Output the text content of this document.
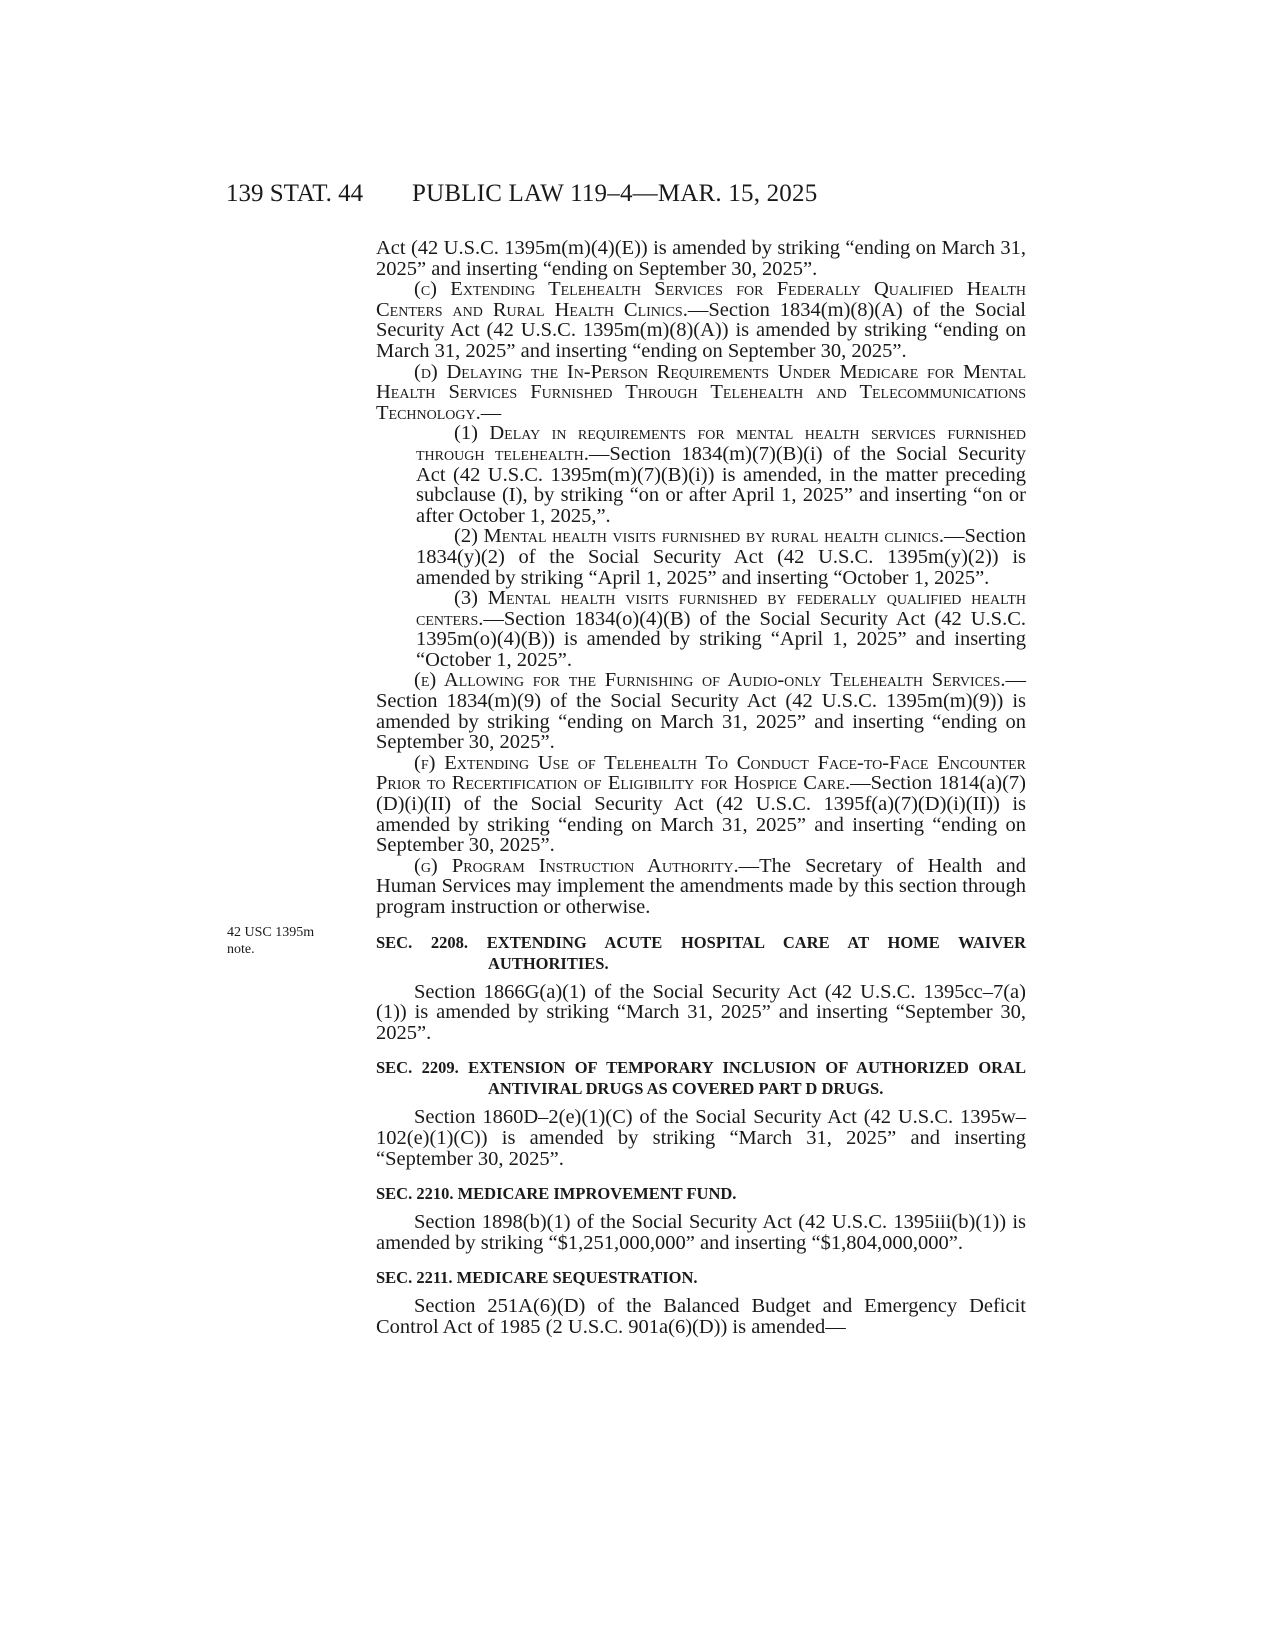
139 STAT. 44 PUBLIC LAW 119–4—MAR. 15, 2025
42 USC 1395m
note.

Act (42 U.S.C. 1395m(m)(4)(E)) is amended by striking “ending on March 31, 2025” and inserting “ending on September 30, 2025”.

(c) Extending Telehealth Services for Federally Qualified Health Centers and Rural Health Clinics.—Section 1834(m)(8)(A) of the Social Security Act (42 U.S.C. 1395m(m)(8)(A)) is amended by striking “ending on March 31, 2025” and inserting “ending on September 30, 2025”.

(d) Delaying the In-Person Requirements Under Medicare for Mental Health Services Furnished Through Telehealth and Telecommunications Technology.—

(1) Delay in requirements for mental health services furnished through telehealth.—Section 1834(m)(7)(B)(i) of the Social Security Act (42 U.S.C. 1395m(m)(7)(B)(i)) is amended, in the matter preceding subclause (I), by striking “on or after April 1, 2025” and inserting “on or after October 1, 2025,”.

(2) Mental health visits furnished by rural health clinics.—Section 1834(y)(2) of the Social Security Act (42 U.S.C. 1395m(y)(2)) is amended by striking “April 1, 2025” and inserting “October 1, 2025”.

(3) Mental health visits furnished by federally qualified health centers.—Section 1834(o)(4)(B) of the Social Security Act (42 U.S.C. 1395m(o)(4)(B)) is amended by striking “April 1, 2025” and inserting “October 1, 2025”.

(e) Allowing for the Furnishing of Audio-only Telehealth Services.—Section 1834(m)(9) of the Social Security Act (42 U.S.C. 1395m(m)(9)) is amended by striking “ending on March 31, 2025” and inserting “ending on September 30, 2025”.

(f) Extending Use of Telehealth To Conduct Face-to-Face Encounter Prior to Recertification of Eligibility for Hospice Care.—Section 1814(a)(7)(D)(i)(II) of the Social Security Act (42 U.S.C. 1395f(a)(7)(D)(i)(II)) is amended by striking “ending on March 31, 2025” and inserting “ending on September 30, 2025”.

(g) Program Instruction Authority.—The Secretary of Health and Human Services may implement the amendments made by this section through program instruction or otherwise.

SEC. 2208. EXTENDING ACUTE HOSPITAL CARE AT HOME WAIVER AUTHORITIES.

Section 1866G(a)(1) of the Social Security Act (42 U.S.C. 1395cc–7(a)(1)) is amended by striking “March 31, 2025” and inserting “September 30, 2025”.

SEC. 2209. EXTENSION OF TEMPORARY INCLUSION OF AUTHORIZED ORAL ANTIVIRAL DRUGS AS COVERED PART D DRUGS.

Section 1860D–2(e)(1)(C) of the Social Security Act (42 U.S.C. 1395w–102(e)(1)(C)) is amended by striking “March 31, 2025” and inserting “September 30, 2025”.

SEC. 2210. MEDICARE IMPROVEMENT FUND.

Section 1898(b)(1) of the Social Security Act (42 U.S.C. 1395iii(b)(1)) is amended by striking “$1,251,000,000” and inserting “$1,804,000,000”.

SEC. 2211. MEDICARE SEQUESTRATION.

Section 251A(6)(D) of the Balanced Budget and Emergency Deficit Control Act of 1985 (2 U.S.C. 901a(6)(D)) is amended—
